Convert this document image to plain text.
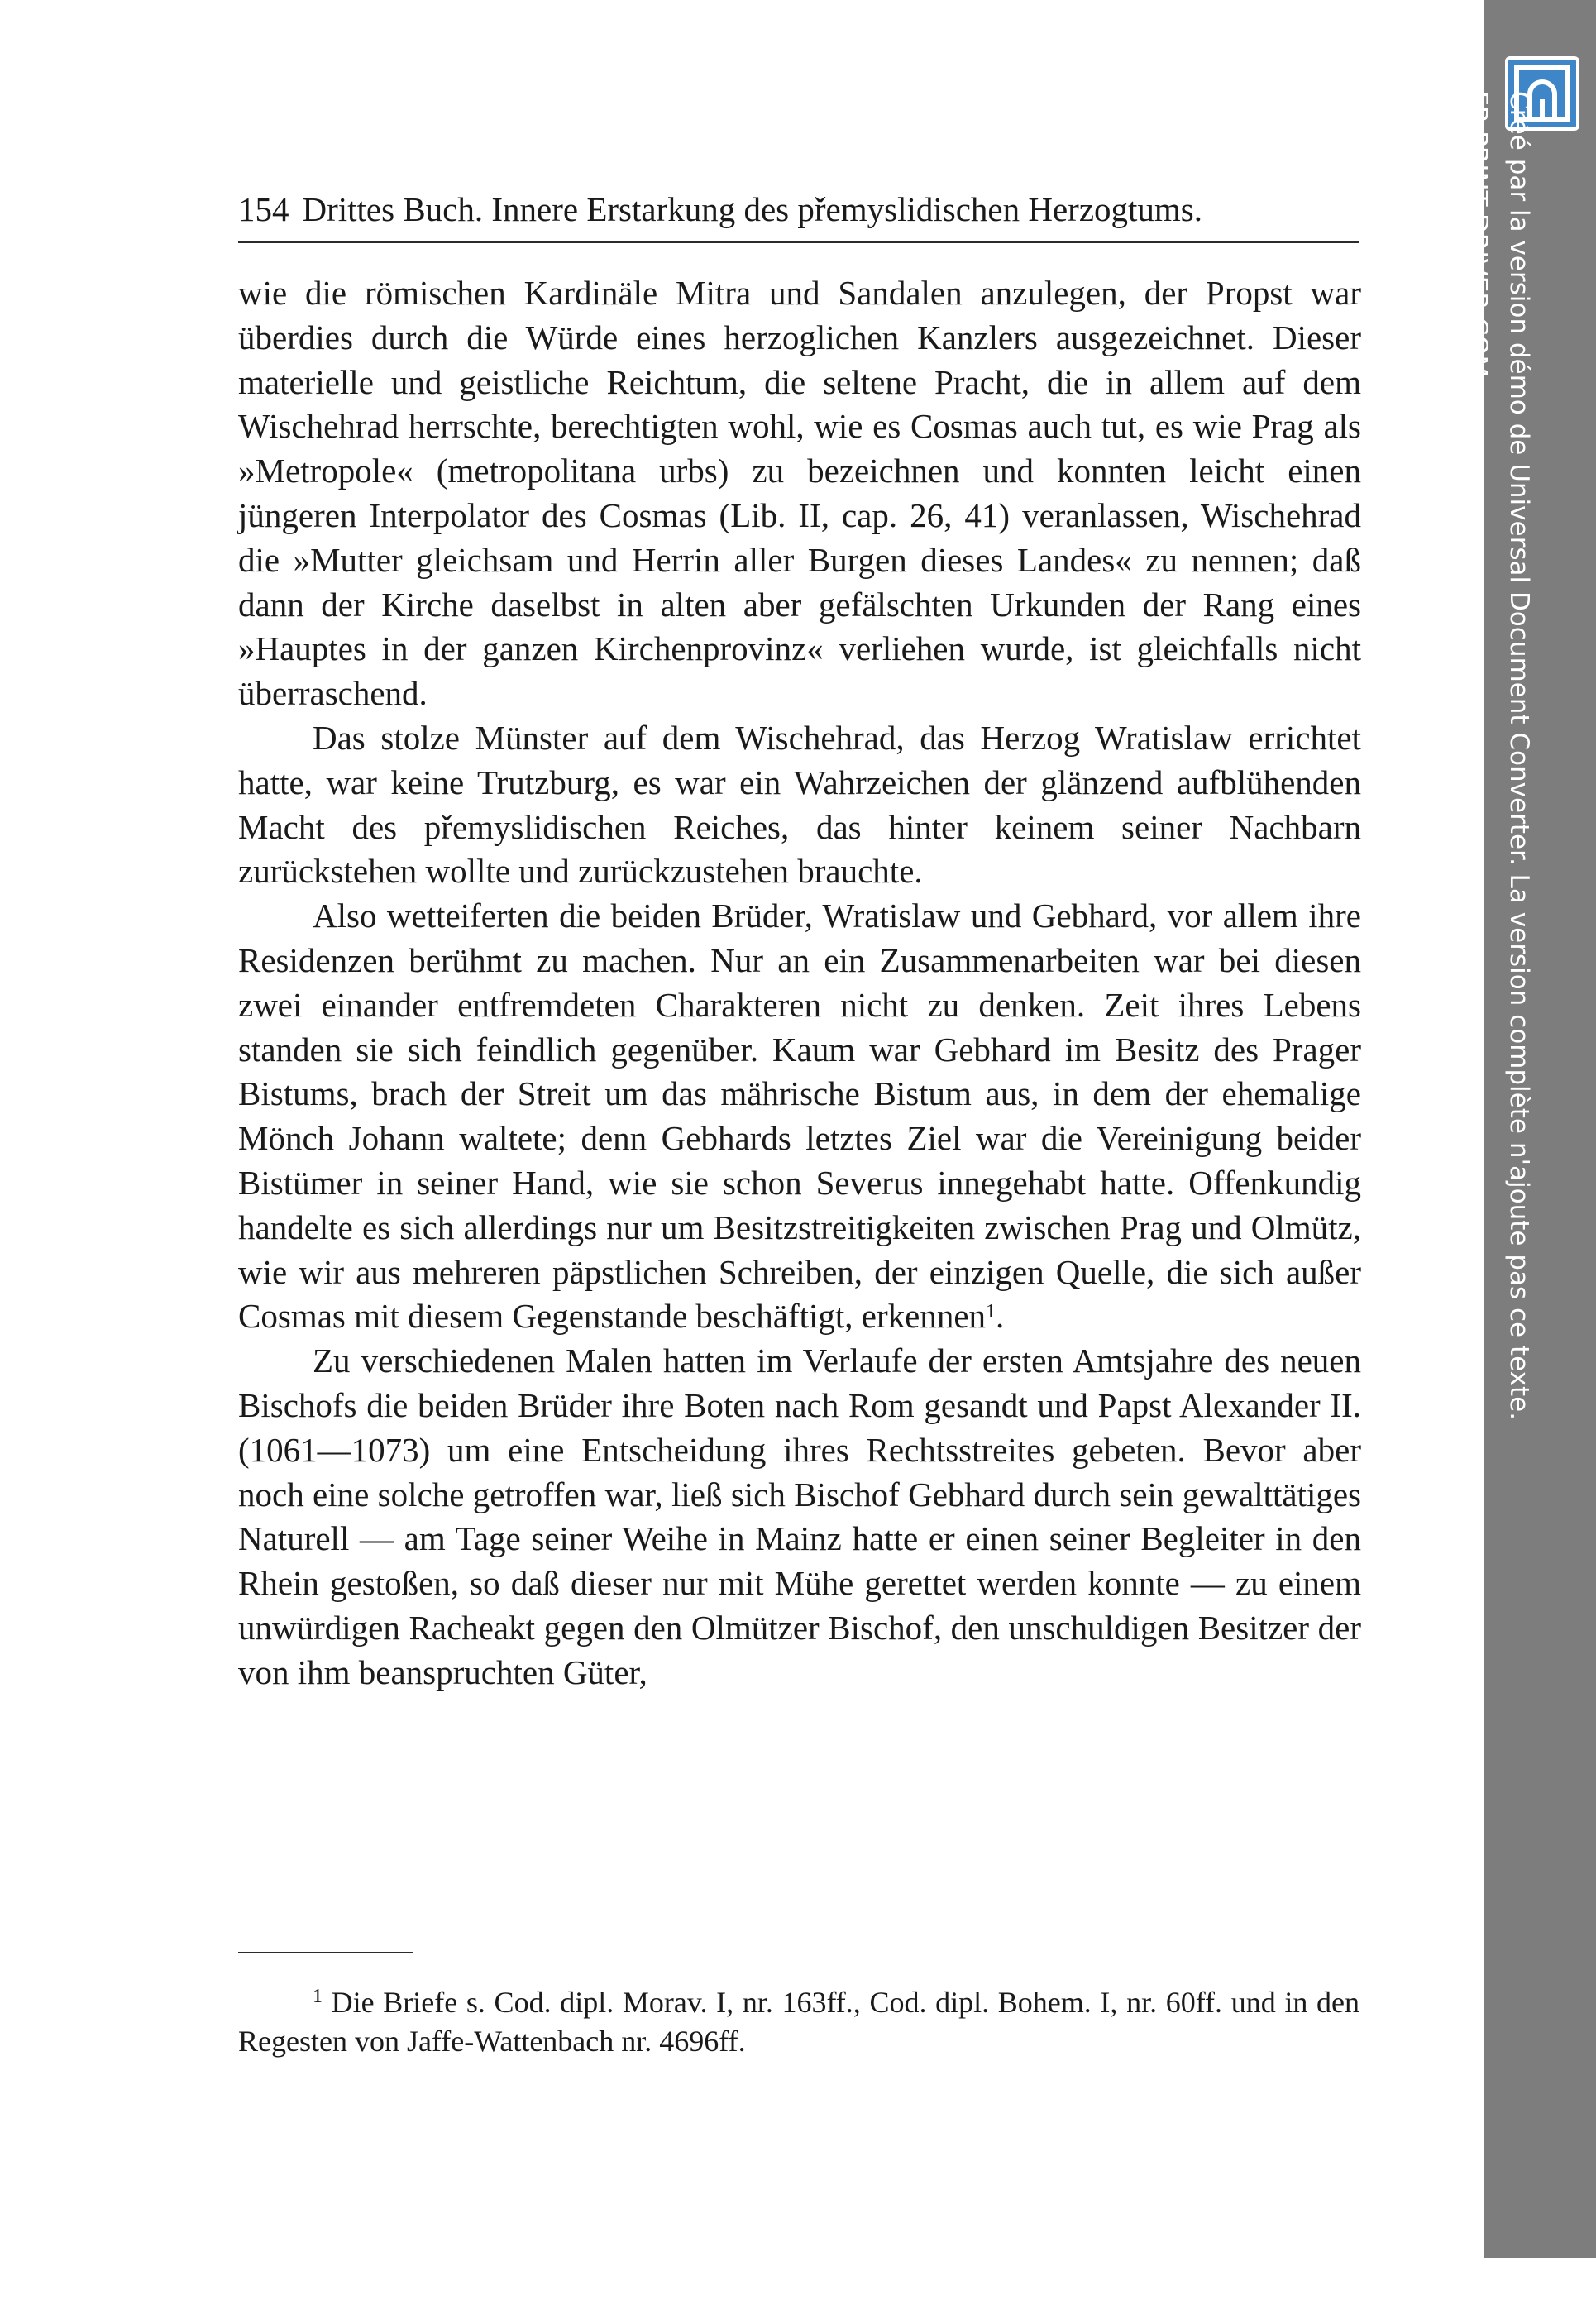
154 Drittes Buch. Innere Erstarkung des přemyslidischen Herzogtums.

wie die römischen Kardinäle Mitra und Sandalen anzulegen, der Propst war überdies durch die Würde eines herzoglichen Kanzlers ausgezeichnet. Dieser materielle und geistliche Reichtum, die seltene Pracht, die in allem auf dem Wischehrad herrschte, berechtigten wohl, wie es Cosmas auch tut, es wie Prag als »Metropole« (metropolitana urbs) zu bezeichnen und konnten leicht einen jüngeren Interpolator des Cosmas (Lib. II, cap. 26, 41) veranlassen, Wischehrad die »Mutter gleichsam und Herrin aller Burgen dieses Landes« zu nennen; daß dann der Kirche daselbst in alten aber gefälschten Urkunden der Rang eines »Hauptes in der ganzen Kirchenprovinz« verliehen wurde, ist gleichfalls nicht überraschend.

Das stolze Münster auf dem Wischehrad, das Herzog Wratislaw errichtet hatte, war keine Trutzburg, es war ein Wahrzeichen der glänzend aufblühenden Macht des přemyslidischen Reiches, das hinter keinem seiner Nachbarn zurückstehen wollte und zurückzustehen brauchte.

Also wetteiferten die beiden Brüder, Wratislaw und Gebhard, vor allem ihre Residenzen berühmt zu machen. Nur an ein Zusammenarbeiten war bei diesen zwei einander entfremdeten Charakteren nicht zu denken. Zeit ihres Lebens standen sie sich feindlich gegenüber. Kaum war Gebhard im Besitz des Prager Bistums, brach der Streit um das mährische Bistum aus, in dem der ehemalige Mönch Johann waltete; denn Gebhards letztes Ziel war die Vereinigung beider Bistümer in seiner Hand, wie sie schon Severus innegehabt hatte. Offenkundig handelte es sich allerdings nur um Besitzstreitigkeiten zwischen Prag und Olmütz, wie wir aus mehreren päpstlichen Schreiben, der einzigen Quelle, die sich außer Cosmas mit diesem Gegenstande beschäftigt, erkennen$^1$.

Zu verschiedenen Malen hatten im Verlaufe der ersten Amtsjahre des neuen Bischofs die beiden Brüder ihre Boten nach Rom gesandt und Papst Alexander II. (1061—1073) um eine Entscheidung ihres Rechtsstreites gebeten. Bevor aber noch eine solche getroffen war, ließ sich Bischof Gebhard durch sein gewalttätiges Naturell — am Tage seiner Weihe in Mainz hatte er einen seiner Begleiter in den Rhein gestoßen, so daß dieser nur mit Mühe gerettet werden konnte — zu einem unwürdigen Racheakt gegen den Olmützer Bischof, den unschuldigen Besitzer der von ihm beanspruchten Güter,

$^1$ Die Briefe s. Cod. dipl. Morav. I, nr. 163ff., Cod. dipl. Bohem. I, nr. 60ff. und in den Regesten von Jaffe-Wattenbach nr. 4696ff.

Créé par la version démo de Universal Document Converter. La version complète n'ajoute pas ce texte.
FR.PRINT-DRIVER.COM
